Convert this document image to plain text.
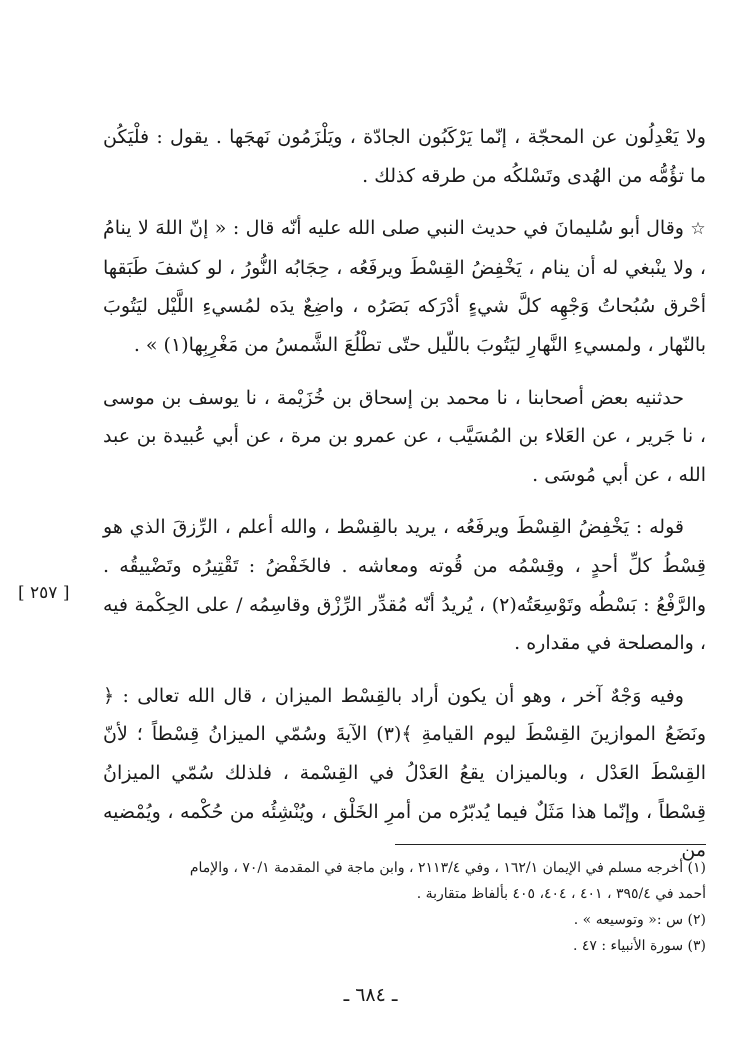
ولا يَعْدِلُون عن المحجّة ، إنّما يَرْكَبُون الجادّة ، ويَلْزَمُون نَهجَها . يقول : فلْيَكُن ما تؤُمُّه من الهُدى وتَسْلكُه من طرقه كذلك .

☆ وقال أبو سُليمانَ في حديث النبي صلى الله عليه أنّه قال : « إنّ اللهَ لا ينامُ ، ولا ينْبغي له أن ينام ، يَخْفِضُ القِسْطَ ويرفَعُه ، حِجَابُه النُّورُ ، لو كشفَ طَبَقها أحْرق سُبُحاتُ وَجْهِه كلَّ شيءٍ أدْرَكه بَصَرُه ، واضِعٌ يدَه لمُسيءِ اللَّيْل ليَتُوبَ بالنّهار ، ولمسيءِ النَّهارِ ليَتُوبَ باللّيل حتّى تطْلُعَ الشَّمسُ من مَغْرِبِها(١) » .

حدثنيه بعض أصحابنا ، نا محمد بن إسحاق بن خُزَيْمة ، نا يوسف بن موسى ، نا جَرير ، عن العَلاء بن المُسَيَّب ، عن عمرو بن مرة ، عن أبي عُبيدة بن عبد الله ، عن أبي مُوسَى .

قوله : يَخْفِضُ القِسْطَ ويرفَعُه ، يريد بالقِسْط ، والله أعلم ، الرِّزقَ الذي هو قِسْطُ كلِّ أحدٍ ، وقِسْمُه من قُوته ومعاشه . فالخَفْضُ : تَقْتِيرُه وتَضْييقُه . والرَّفْعُ : بَسْطُه وتَوْسِعَتُه(٢) ، يُريدُ أنّه مُقدِّر الرِّزْق وقاسِمُه / على الحِكْمة فيه ، والمصلحة في مقداره .

وفيه وَجْهٌ آخر ، وهو أن يكون أراد بالقِسْط الميزان ، قال الله تعالى : ﴿ ونَضَعُ الموازينَ القِسْطَ ليوم القيامةِ ﴾(٣) الآيةَ وسُمّي الميزانُ قِسْطاً ؛ لأنّ القِسْطَ العَدْل ، وبالميزان يقعُ العَدْلُ في القِسْمة ، فلذلك سُمّي الميزانُ قِسْطاً ، وإنّما هذا مَثَلٌ فيما يُدبّرُه من أمرِ الخَلْق ، ويُنْشِئُه من حُكْمه ، ويُمْضيه من

[ ٢٥٧ ]
(١) أخرجه مسلم في الإيمان ١٦٢/١ ، وفي ٢١١٣/٤ ، وابن ماجة في المقدمة ٧٠/١ ، والإمام
أحمد في ٣٩٥/٤ ، ٤٠١ ، ٤٠٤، ٤٠٥ بألفاظ متقاربة .
(٢) س :« وتوسيعه » .
(٣) سورة الأنبياء : ٤٧ .
ـ ٦٨٤ ـ
